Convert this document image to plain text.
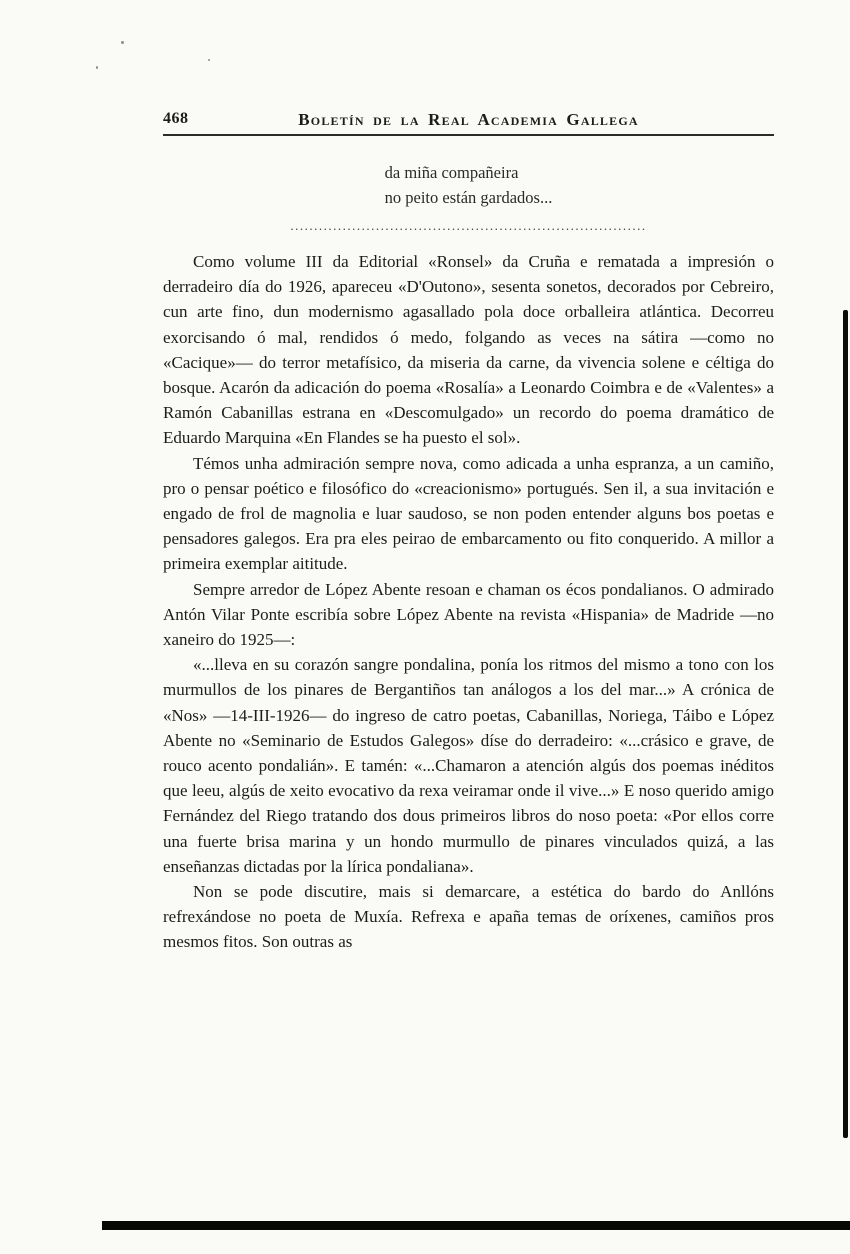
468	Boletín de la Real Academia Gallega
da miña compañeira
no peito están gardados...
...........................................................................

Como volume III da Editorial «Ronsel» da Cruña e rematada a impresión o derradeiro día do 1926, apareceu «D'Outono», sesenta sonetos, decorados por Cebreiro, cun arte fino, dun modernismo agasallado pola doce orballeira atlántica. Decorreu exorcisando ó mal, rendidos ó medo, folgando as veces na sátira —como no «Cacique»— do terror metafísico, da miseria da carne, da vivencia solene e céltiga do bosque. Acarón da adicación do poema «Rosalía» a Leonardo Coimbra e de «Valentes» a Ramón Cabanillas estrana en «Descomulgado» un recordo do poema dramático de Eduardo Marquina «En Flandes se ha puesto el sol».

Témos unha admiración sempre nova, como adicada a unha espranza, a un camiño, pro o pensar poético e filosófico do «creacionismo» portugués. Sen il, a sua invitación e engado de frol de magnolia e luar saudoso, se non poden entender alguns bos poetas e pensadores galegos. Era pra eles peirao de embarcamento ou fito conquerido. A millor a primeira exemplar aititude.

Sempre arredor de López Abente resoan e chaman os écos pondalianos. O admirado Antón Vilar Ponte escribía sobre López Abente na revista «Hispania» de Madride —no xaneiro do 1925—:

«...lleva en su corazón sangre pondalina, ponía los ritmos del mismo a tono con los murmullos de los pinares de Bergantiños tan análogos a los del mar...» A crónica de «Nos» —14-III-1926— do ingreso de catro poetas, Cabanillas, Noriega, Táibo e López Abente no «Seminario de Estudos Galegos» díse do derradeiro: «...crásico e grave, de rouco acento pondalián». E tamén: «...Chamaron a atención algús dos poemas inéditos que leeu, algús de xeito evocativo da rexa veiramar onde il vive...» E noso querido amigo Fernández del Riego tratando dos dous primeiros libros do noso poeta: «Por ellos corre una fuerte brisa marina y un hondo murmullo de pinares vinculados quizá, a las enseñanzas dictadas por la lírica pondaliana».

Non se pode discutire, mais si demarcare, a estética do bardo do Anllóns refrexándose no poeta de Muxía. Refrexa e apaña temas de oríxenes, camiños pros mesmos fitos. Son outras as
